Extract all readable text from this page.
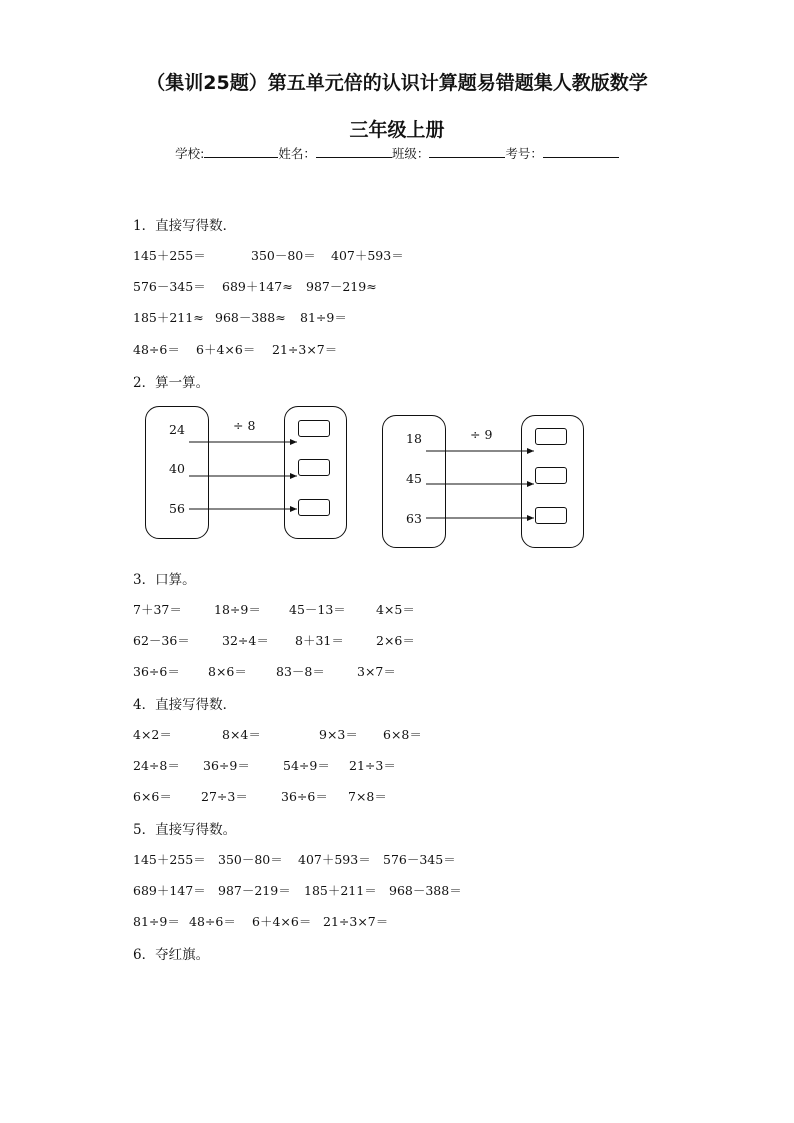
（集训25题）第五单元倍的认识计算题易错题集人教版数学
三年级上册
学校:	姓名：	班级：	考号：
1．直接写得数．
145＋255＝	350－80＝ 407＋593＝
576－345＝ 689＋147≈ 987－219≈
185＋211≈ 968－388≈ 81÷9＝
48÷6＝ 6＋4×6＝ 21÷3×7＝
2．算一算。
24
40
56
÷ 8
18
45
63
÷ 9
3．口算。
7＋37＝	18÷9＝ 45－13＝ 4×5＝
62－36＝	32÷4＝ 8＋31＝	2×6＝
36÷6＝ 8×6＝ 83－8＝	3×7＝
4．直接写得数．
4×2＝	8×4＝	9×3＝ 6×8＝
24÷8＝ 36÷9＝	54÷9＝ 21÷3＝
6×6＝ 27÷3＝	36÷6＝ 7×8＝
5．直接写得数。
145＋255＝ 350－80＝ 407＋593＝ 576－345＝
689＋147＝ 987－219＝ 185＋211＝ 968－388＝
81÷9＝ 48÷6＝ 6＋4×6＝ 21÷3×7＝
6．夺红旗。
